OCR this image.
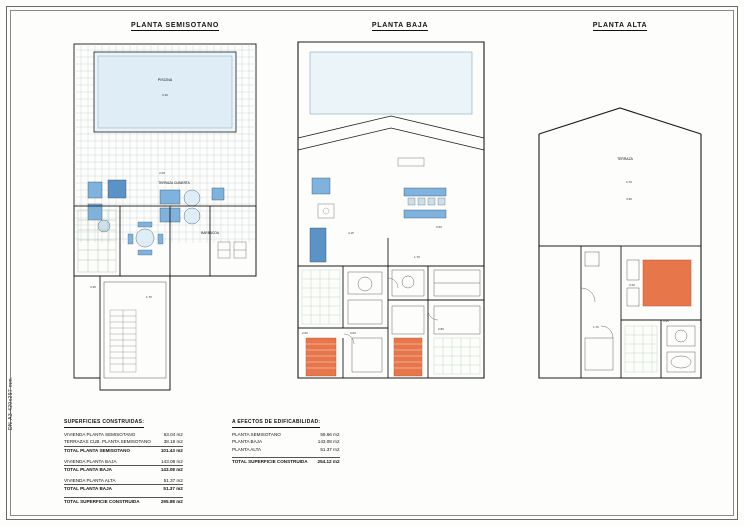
DN-A3-420x297 mm.
PLANTA SEMISOTANO	PLANTA BAJA	PLANTA ALTA
PISCINA
6.30
2.00
TERRAZA CUBIERTA
BARBACOA
3.35
1.70
3.60
4.15
1.70
2.80
3.00
2.60
TERRAZA
6.70
3.90
3.20
1.70
0.95
SUPERFICIES CONSTRUIDAS:
VIVIENDA PLANTA SEMISOTANO	63.04 m2
TERRAZAS CUB. PLANTA SEMISOTANO	38.19 m2
TOTAL PLANTA SEMISOTANO	101.43 m2

VIVIENDA PLANTA BAJA	143.08 m2
TOTAL PLANTA BAJA	143.08 m2

VIVIENDA PLANTA ALTA	51.37 m2
TOTAL PLANTA BAJA	51.37 m2

TOTAL SUPERFICIE CONSTRUIDA	295.88 m2
A EFECTOS DE EDIFICABILIDAD:
PLANTA SEMISOTANO	59.66 m2
PLANTA BAJA	143.08 m2
PLANTA ALTA	51.37 m2

TOTAL SUPERFICIE CONSTRUIDA	254.12 m2
